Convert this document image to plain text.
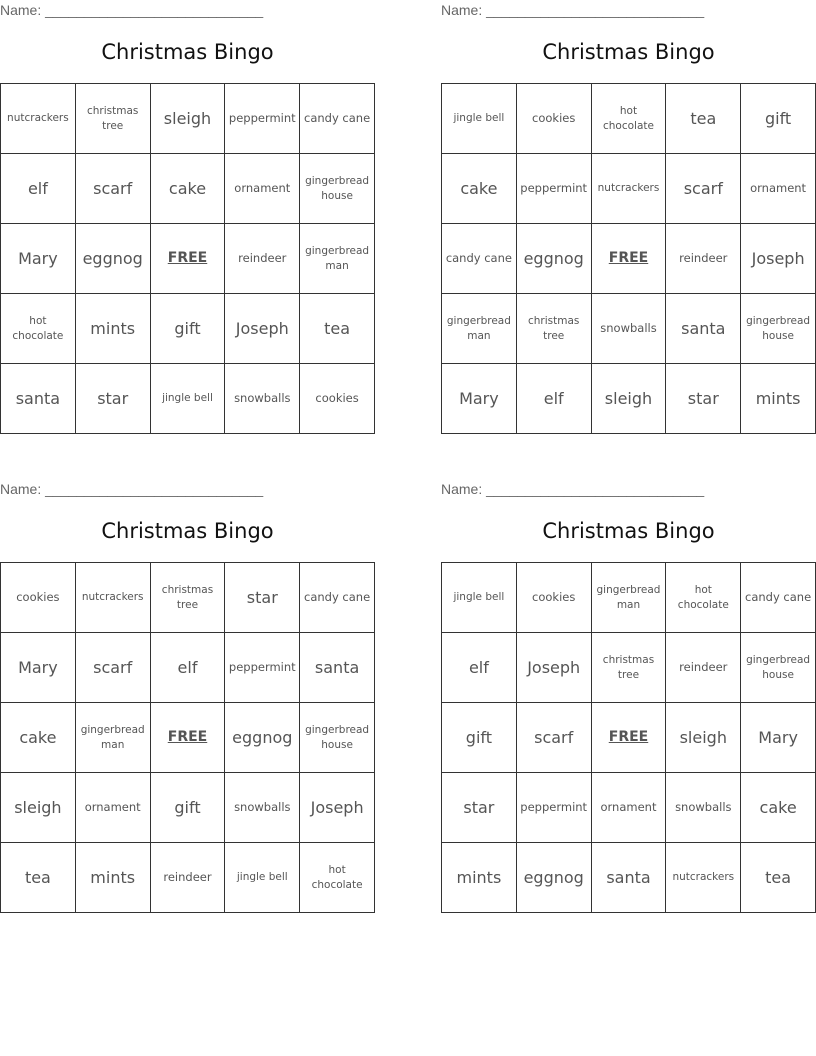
Name: ____________________________
Christmas Bingo
nutcrackers	christmas tree	sleigh	peppermint	candy cane
elf	scarf	cake	ornament	gingerbread house
Mary	eggnog	FREE	reindeer	gingerbread man
hot chocolate	mints	gift	Joseph	tea
santa	star	jingle bell	snowballs	cookies
Name: ____________________________
Christmas Bingo
jingle bell	cookies	hot chocolate	tea	gift
cake	peppermint	nutcrackers	scarf	ornament
candy cane	eggnog	FREE	reindeer	Joseph
gingerbread man	christmas tree	snowballs	santa	gingerbread house
Mary	elf	sleigh	star	mints
Name: ____________________________
Christmas Bingo
cookies	nutcrackers	christmas tree	star	candy cane
Mary	scarf	elf	peppermint	santa
cake	gingerbread man	FREE	eggnog	gingerbread house
sleigh	ornament	gift	snowballs	Joseph
tea	mints	reindeer	jingle bell	hot chocolate
Name: ____________________________
Christmas Bingo
jingle bell	cookies	gingerbread man	hot chocolate	candy cane
elf	Joseph	christmas tree	reindeer	gingerbread house
gift	scarf	FREE	sleigh	Mary
star	peppermint	ornament	snowballs	cake
mints	eggnog	santa	nutcrackers	tea
